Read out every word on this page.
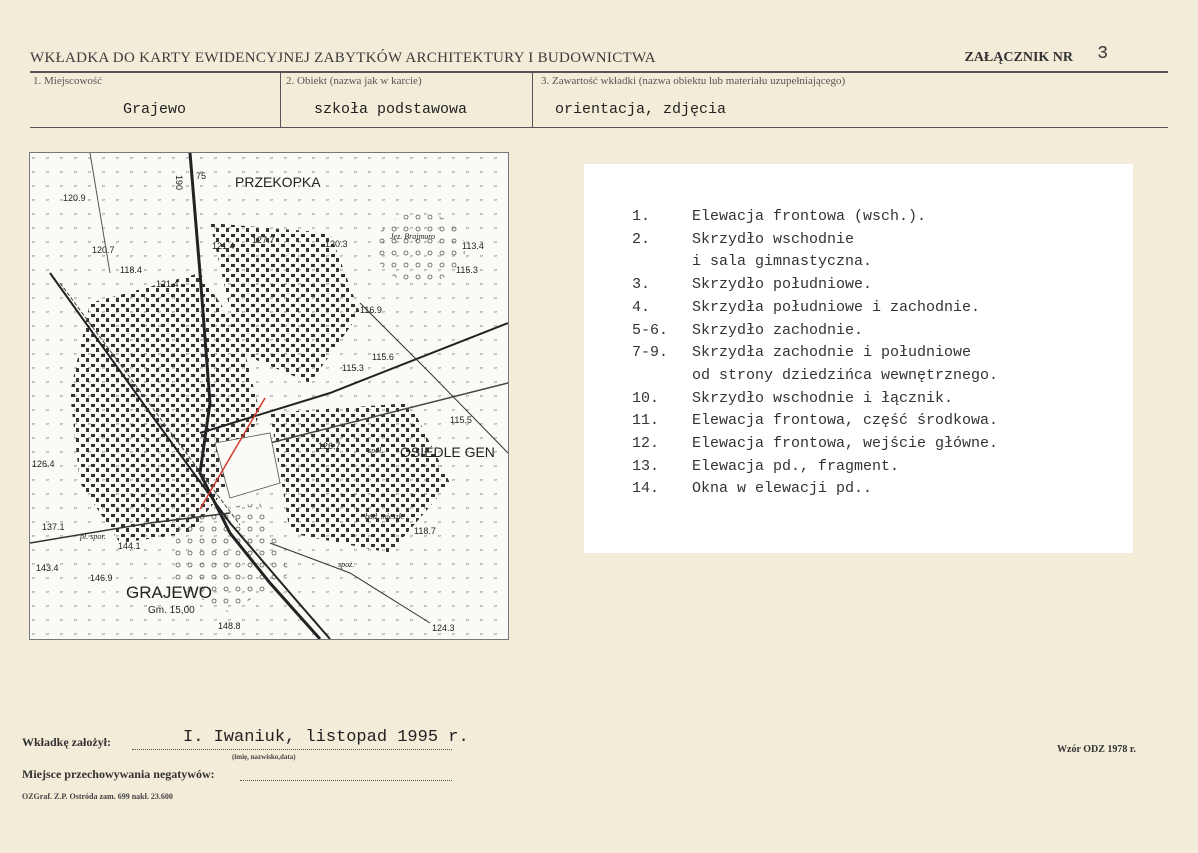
WKŁADKA DO KARTY EWIDENCYJNEJ ZABYTKÓW ARCHITEKTURY I BUDOWNICTWA	ZAŁĄCZNIK NR 3
1. Miejscowość
Grajewo
2. Obiekt (nazwa jak w karcie)
szkoła podstawowa
3. Zawartość wkładki (nazwa obiektu lub materiału uzupełniającego)
orientacja, zdjęcia
PRZEKOPKA
OSIEDLE GEN
GRAJEWO
Gm. 15,00
Jez. Brajmuro
190
120.9
120.7	121.4
127.7	120.3	113.4
118.4
121.4
115.3
116.9
115.6
115.3
115.5
126.7
126.4
137.1
144.1
143.4
146.9
148.8	124.3
118.7
75
pl. spor.
bud. mieszk.
spoż.
spół.
1.	Elewacja frontowa (wsch.).
2.	Skrzydło wschodnie
i sala gimnastyczna.
3.	Skrzydło południowe.
4.	Skrzydła południowe i zachodnie.
5-6.	Skrzydło zachodnie.
7-9.	Skrzydła zachodnie i południowe
od strony dziedzińca wewnętrznego.
10.	Skrzydło wschodnie i łącznik.
11.	Elewacja frontowa, część środkowa.
12.	Elewacja frontowa, wejście główne.
13.	Elewacja pd., fragment.
14.	Okna w elewacji pd..
Wkładkę założył:	I. Iwaniuk, listopad 1995 r.
(imię, nazwisko,data)
Miejsce przechowywania negatywów:
OZGraf. Z.P. Ostróda zam. 699 nakł. 23.600
Wzór ODZ 1978 r.
